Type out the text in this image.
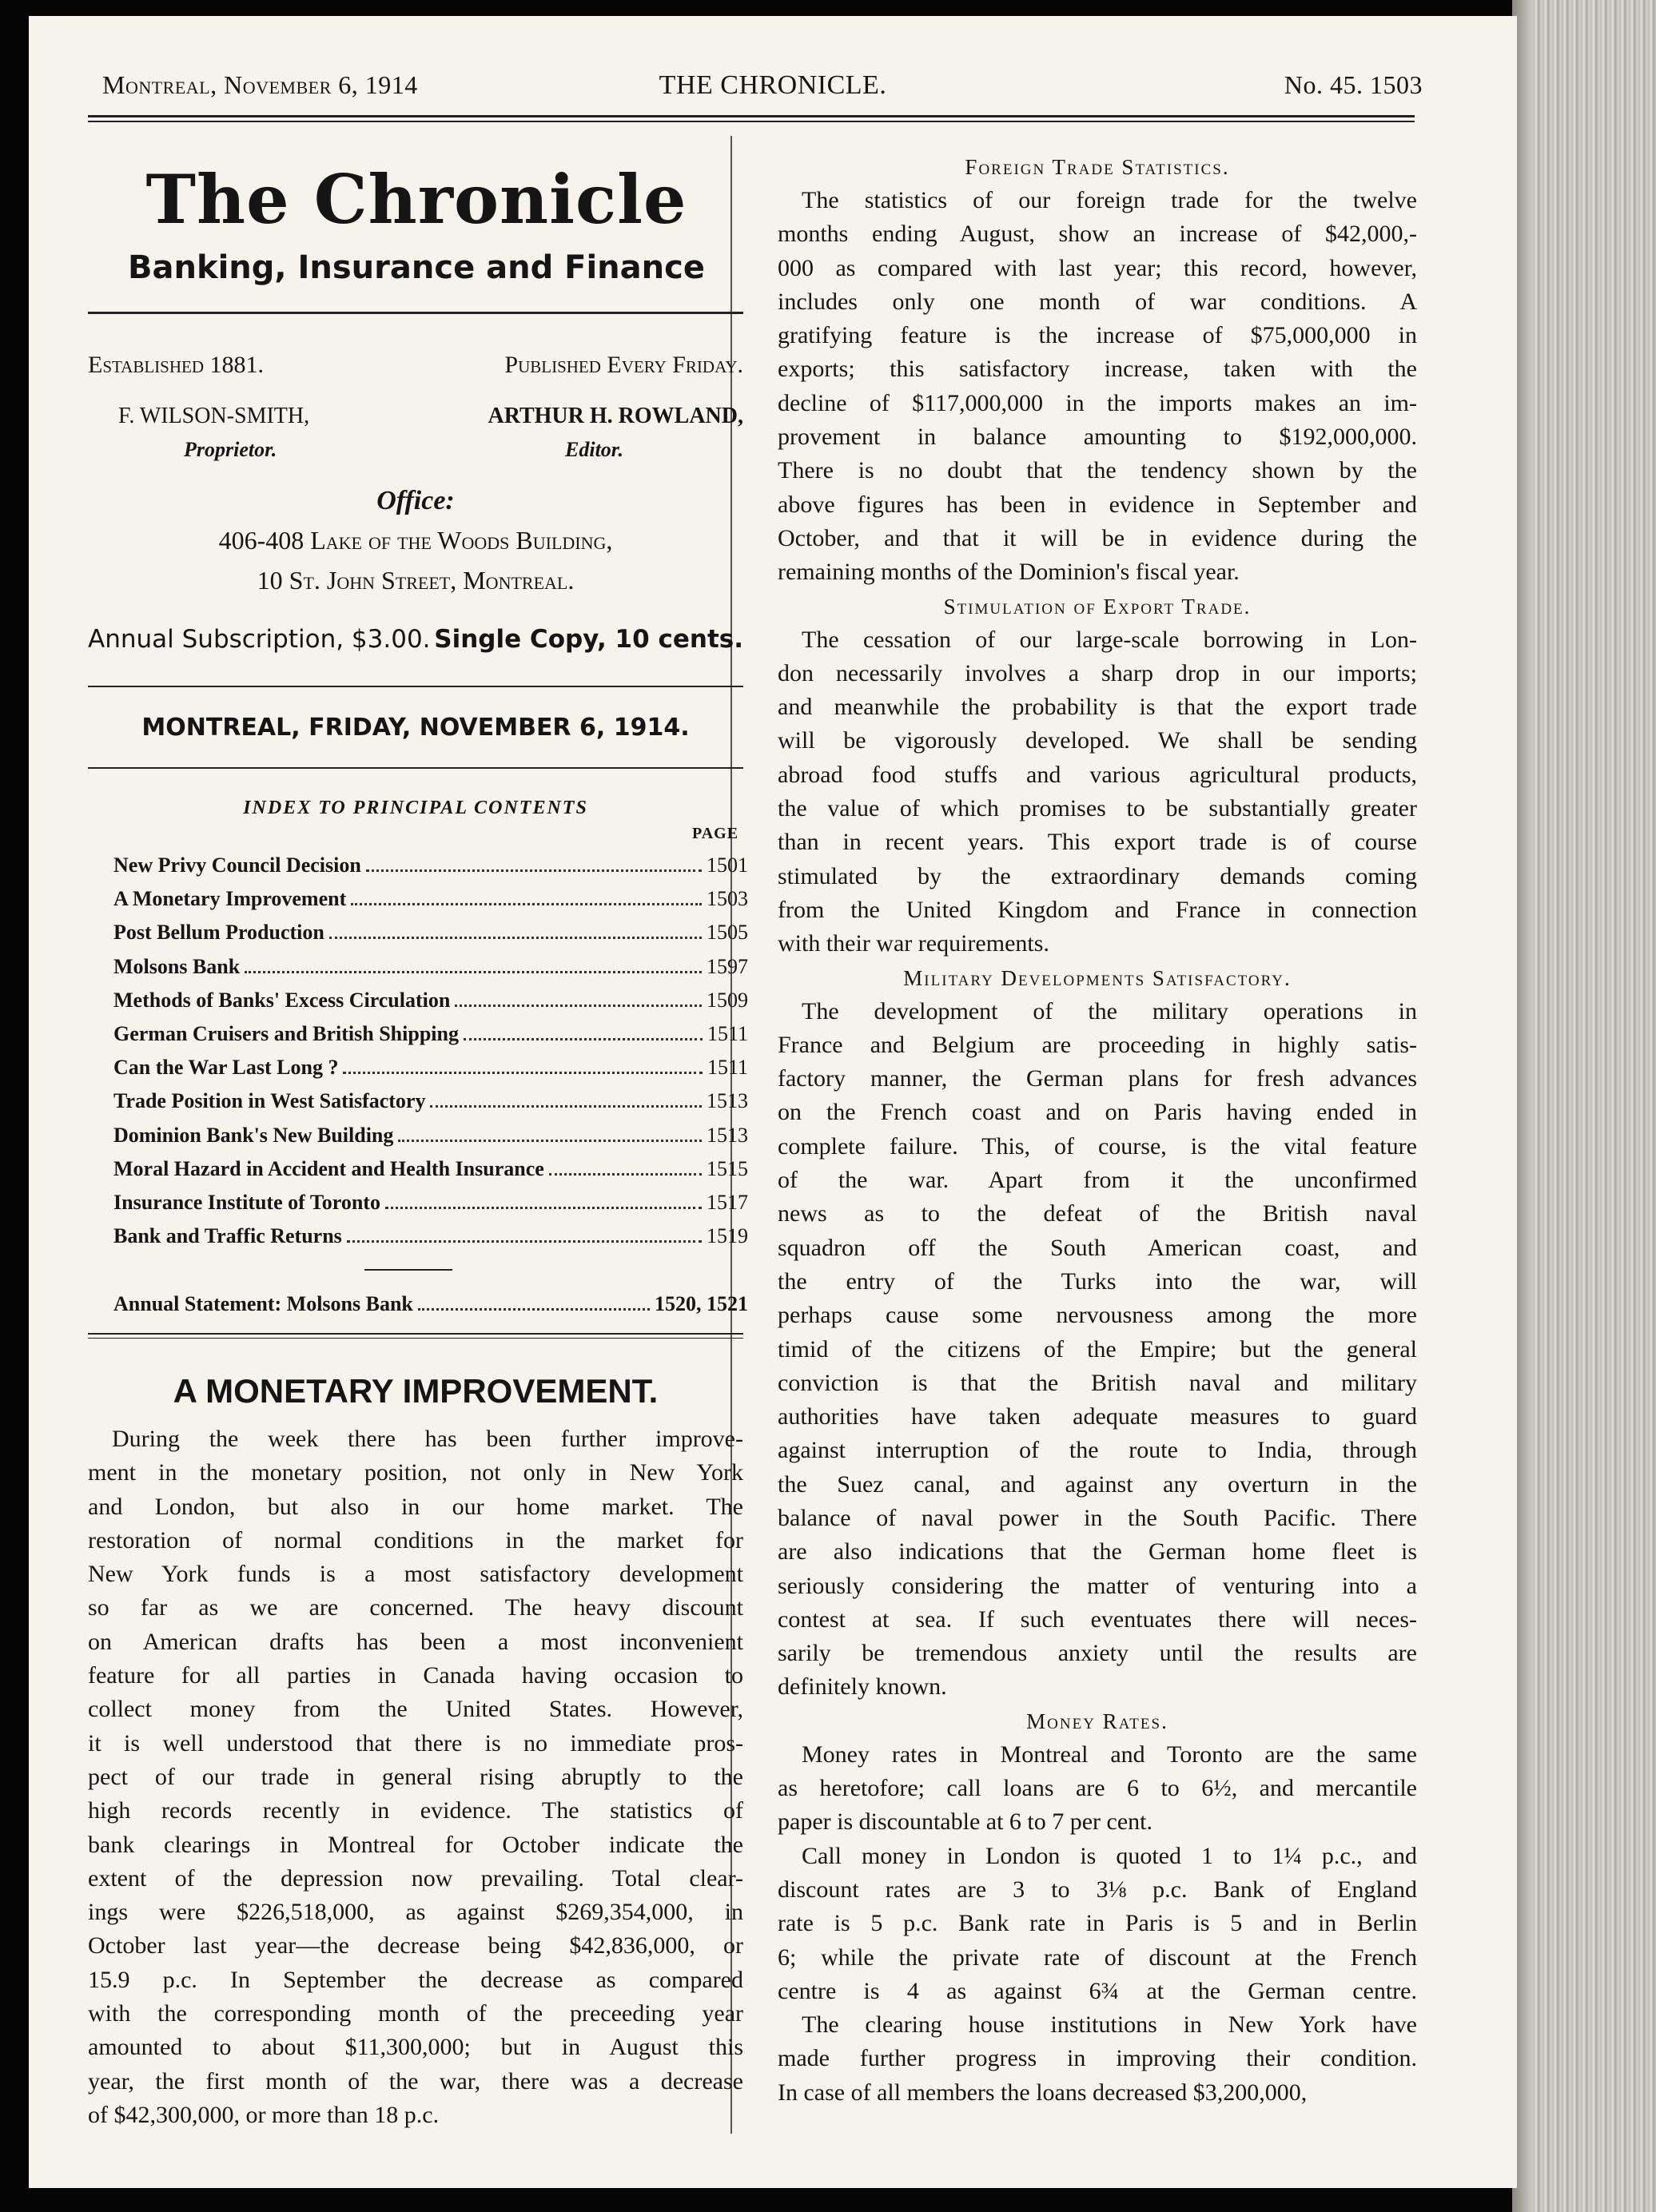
Montreal, November 6, 1914	THE CHRONICLE.	No. 45. 1503
The Chronicle
Banking, Insurance and Finance
Established 1881.	Published Every Friday.
F. WILSON-SMITH,	ARTHUR H. ROWLAND,
Proprietor.	Editor.
Office:
406-408 Lake of the Woods Building,
10 St. John Street, Montreal.
Annual Subscription, $3.00. Single Copy, 10 cents.
MONTREAL, FRIDAY, NOVEMBER 6, 1914.
INDEX TO PRINCIPAL CONTENTS
PAGE
New Privy Council Decision	1501
A Monetary Improvement	1503
Post Bellum Production	1505
Molsons Bank	1597
Methods of Banks' Excess Circulation	1509
German Cruisers and British Shipping	1511
Can the War Last Long ?	1511
Trade Position in West Satisfactory	1513
Dominion Bank's New Building	1513
Moral Hazard in Accident and Health Insurance	1515
Insurance Institute of Toronto	1517
Bank and Traffic Returns	1519
Annual Statement: Molsons Bank	1520, 1521
A MONETARY IMPROVEMENT.
During the week there has been further improve-
ment in the monetary position, not only in New York
and London, but also in our home market. The
restoration of normal conditions in the market for
New York funds is a most satisfactory development
so far as we are concerned. The heavy discount
on American drafts has been a most inconvenient
feature for all parties in Canada having occasion to
collect money from the United States. However,
it is well understood that there is no immediate pros-
pect of our trade in general rising abruptly to the
high records recently in evidence. The statistics of
bank clearings in Montreal for October indicate the
extent of the depression now prevailing. Total clear-
ings were $226,518,000, as against $269,354,000, in
October last year—the decrease being $42,836,000, or
15.9 p.c. In September the decrease as compared
with the corresponding month of the preceeding year
amounted to about $11,300,000; but in August this
year, the first month of the war, there was a decrease
of $42,300,000, or more than 18 p.c.
Foreign Trade Statistics.
The statistics of our foreign trade for the twelve
months ending August, show an increase of $42,000,-
000 as compared with last year; this record, however,
includes only one month of war conditions. A
gratifying feature is the increase of $75,000,000 in
exports; this satisfactory increase, taken with the
decline of $117,000,000 in the imports makes an im-
provement in balance amounting to $192,000,000.
There is no doubt that the tendency shown by the
above figures has been in evidence in September and
October, and that it will be in evidence during the
remaining months of the Dominion's fiscal year.
Stimulation of Export Trade.
The cessation of our large-scale borrowing in Lon-
don necessarily involves a sharp drop in our imports;
and meanwhile the probability is that the export trade
will be vigorously developed. We shall be sending
abroad food stuffs and various agricultural products,
the value of which promises to be substantially greater
than in recent years. This export trade is of course
stimulated by the extraordinary demands coming
from the United Kingdom and France in connection
with their war requirements.
Military Developments Satisfactory.
The development of the military operations in
France and Belgium are proceeding in highly satis-
factory manner, the German plans for fresh advances
on the French coast and on Paris having ended in
complete failure. This, of course, is the vital feature
of the war. Apart from it the unconfirmed
news as to the defeat of the British naval
squadron off the South American coast, and
the entry of the Turks into the war, will
perhaps cause some nervousness among the more
timid of the citizens of the Empire; but the general
conviction is that the British naval and military
authorities have taken adequate measures to guard
against interruption of the route to India, through
the Suez canal, and against any overturn in the
balance of naval power in the South Pacific. There
are also indications that the German home fleet is
seriously considering the matter of venturing into a
contest at sea. If such eventuates there will neces-
sarily be tremendous anxiety until the results are
definitely known.
Money Rates.
Money rates in Montreal and Toronto are the same
as heretofore; call loans are 6 to 6½, and mercantile
paper is discountable at 6 to 7 per cent.
Call money in London is quoted 1 to 1¼ p.c., and
discount rates are 3 to 3⅛ p.c. Bank of England
rate is 5 p.c. Bank rate in Paris is 5 and in Berlin
6; while the private rate of discount at the French
centre is 4 as against 6¾ at the German centre.
The clearing house institutions in New York have
made further progress in improving their condition.
In case of all members the loans decreased $3,200,000,
